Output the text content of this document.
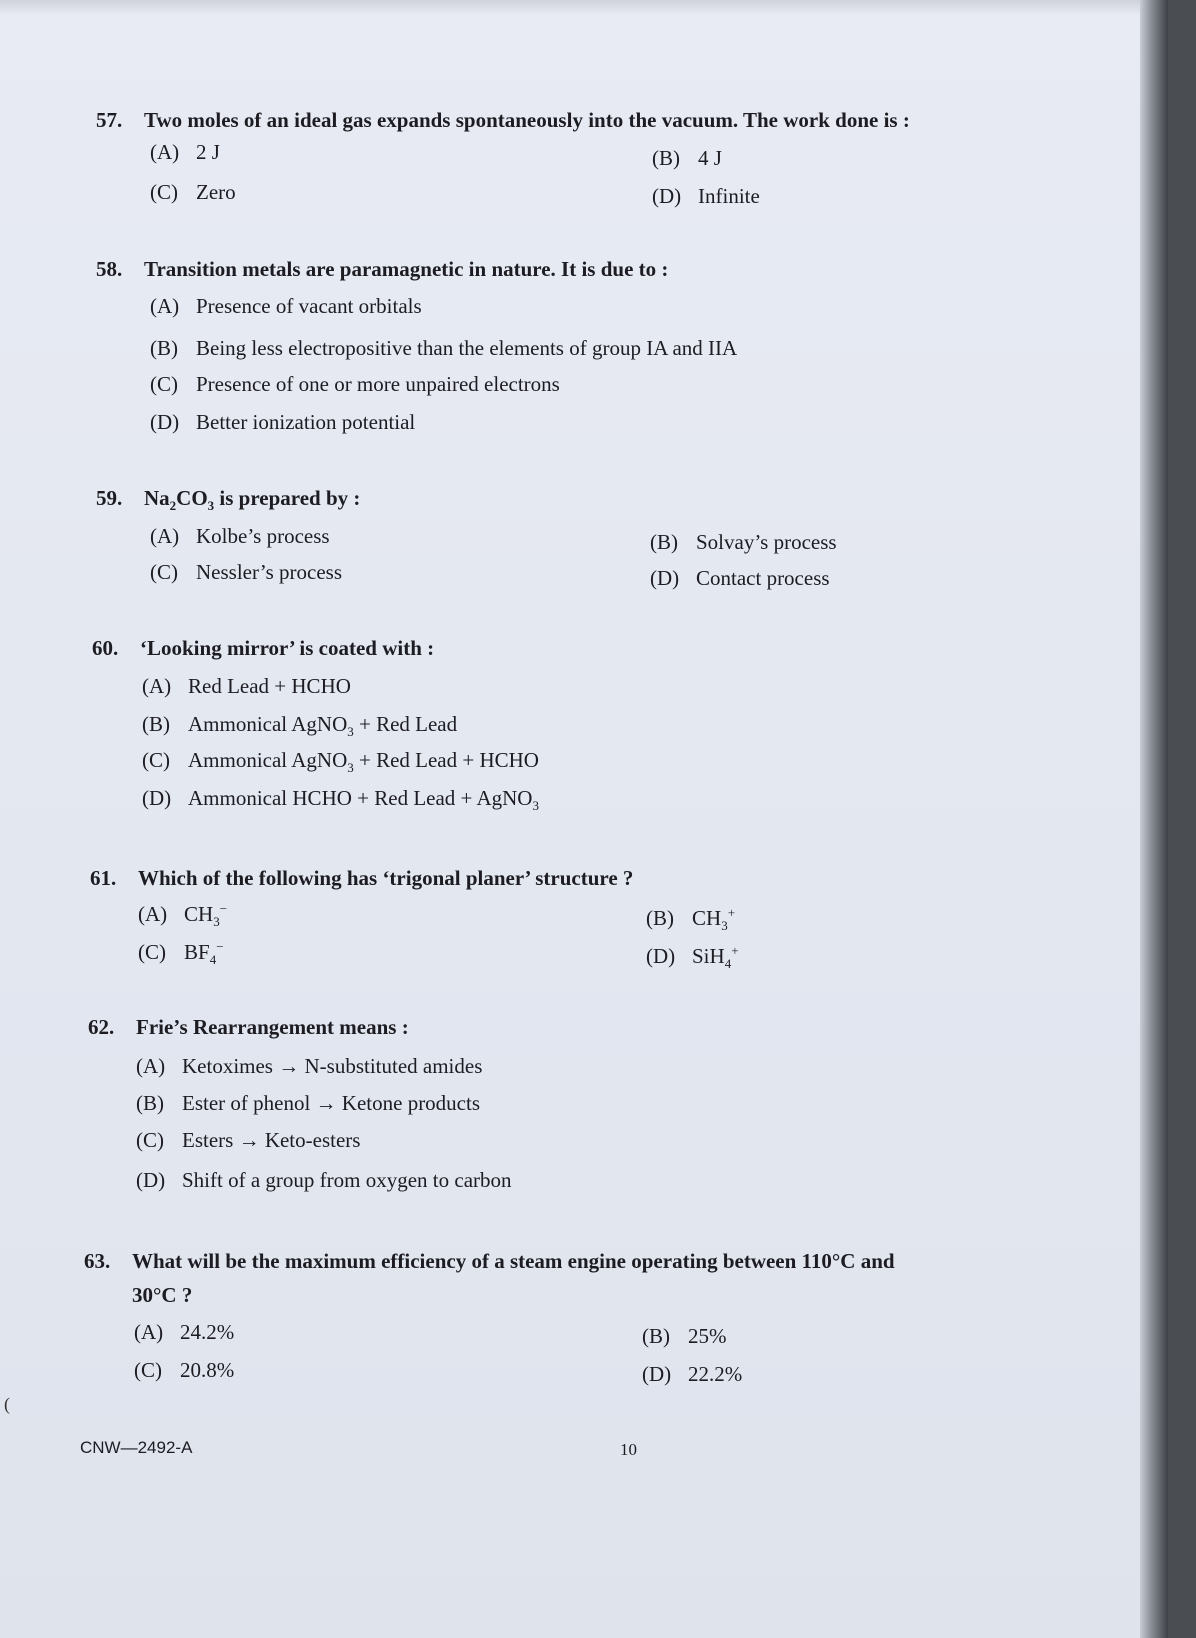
57. Two moles of an ideal gas expands spontaneously into the vacuum. The work done is :
(A) 2 J	(B) 4 J
(C) Zero	(D) Infinite
58. Transition metals are paramagnetic in nature. It is due to :
(A) Presence of vacant orbitals
(B) Being less electropositive than the elements of group IA and IIA
(C) Presence of one or more unpaired electrons
(D) Better ionization potential
59. $Na_2CO_3$ is prepared by :
(A) Kolbe’s process	(B) Solvay’s process
(C) Nessler’s process	(D) Contact process
60. ‘Looking mirror’ is coated with :
(A) Red Lead + HCHO
(B) Ammonical AgNO$_3$ + Red Lead
(C) Ammonical AgNO$_3$ + Red Lead + HCHO
(D) Ammonical HCHO + Red Lead + AgNO$_3$
61. Which of the following has ‘trigonal planer’ structure ?
(A) $CH_3^-$	(B) $CH_3^+$
(C) $BF_4^-$	(D) SiH$_4$+
62. Frie’s Rearrangement means :
(A) Ketoximes → N-substituted amides
(B) Ester of phenol → Ketone products
(C) Esters → Keto-esters
(D) Shift of a group from oxygen to carbon
63. What will be the maximum efficiency of a steam engine operating between 110°C and
30°C ?
(A) 24.2%	(B) 25%
(C) 20.8%	(D) 22.2%
(
CNW—2492-A	10
